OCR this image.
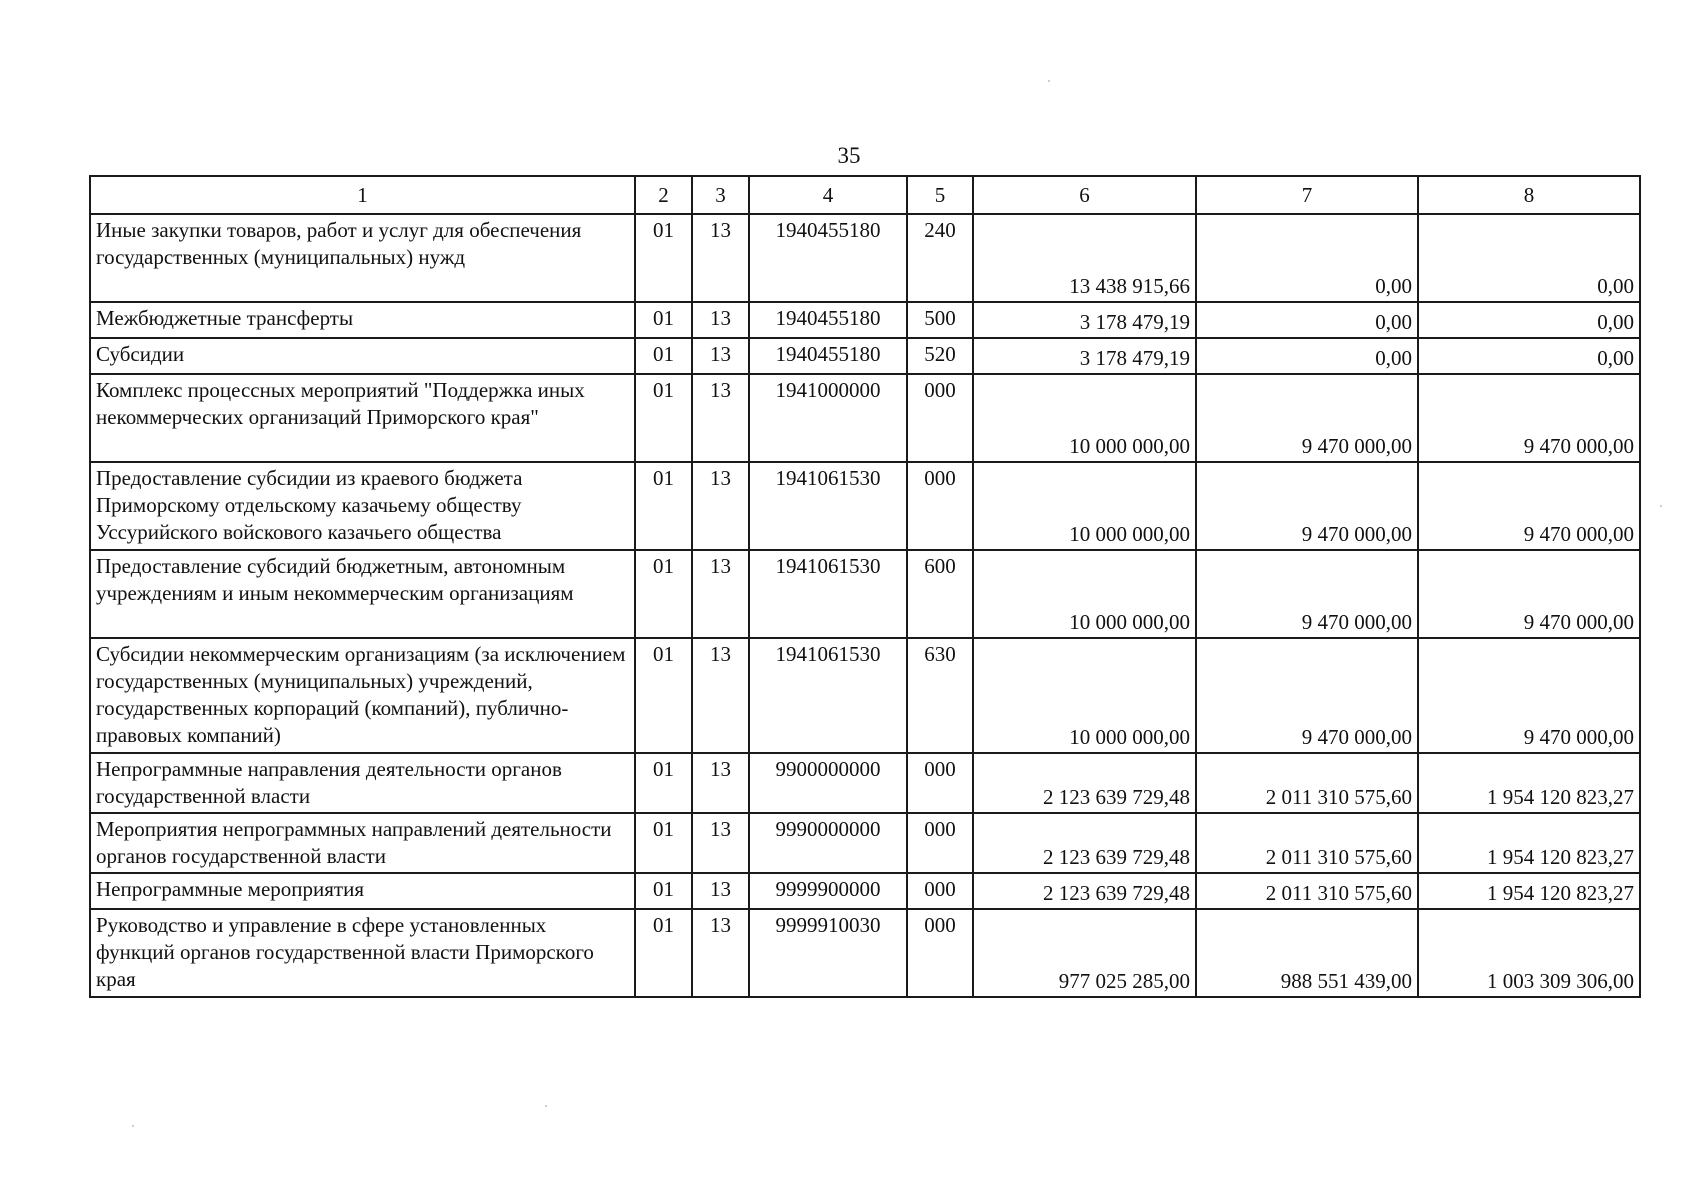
35
1	2	3	4	5	6	7	8
Иные закупки товаров, работ и услуг для обеспечения государственных (муниципальных) нужд	01	13	1940455180	240	13 438 915,66	0,00	0,00
Межбюджетные трансферты	01	13	1940455180	500	3 178 479,19	0,00	0,00
Субсидии	01	13	1940455180	520	3 178 479,19	0,00	0,00
Комплекс процессных мероприятий "Поддержка иных некоммерческих организаций Приморского края"	01	13	1941000000	000	10 000 000,00	9 470 000,00	9 470 000,00
Предоставление субсидии из краевого бюджета Приморскому отдельскому казачьему обществу Уссурийского войскового казачьего общества	01	13	1941061530	000	10 000 000,00	9 470 000,00	9 470 000,00
Предоставление субсидий бюджетным, автономным учреждениям и иным некоммерческим организациям	01	13	1941061530	600	10 000 000,00	9 470 000,00	9 470 000,00
Субсидии некоммерческим организациям (за исключением государственных (муниципальных) учреждений, государственных корпораций (компаний), публично-правовых компаний)	01	13	1941061530	630	10 000 000,00	9 470 000,00	9 470 000,00
Непрограммные направления деятельности органов государственной власти	01	13	9900000000	000	2 123 639 729,48	2 011 310 575,60	1 954 120 823,27
Мероприятия непрограммных направлений деятельности органов государственной власти	01	13	9990000000	000	2 123 639 729,48	2 011 310 575,60	1 954 120 823,27
Непрограммные мероприятия	01	13	9999900000	000	2 123 639 729,48	2 011 310 575,60	1 954 120 823,27
Руководство и управление в сфере установленных функций органов государственной власти Приморского края	01	13	9999910030	000	977 025 285,00	988 551 439,00	1 003 309 306,00
